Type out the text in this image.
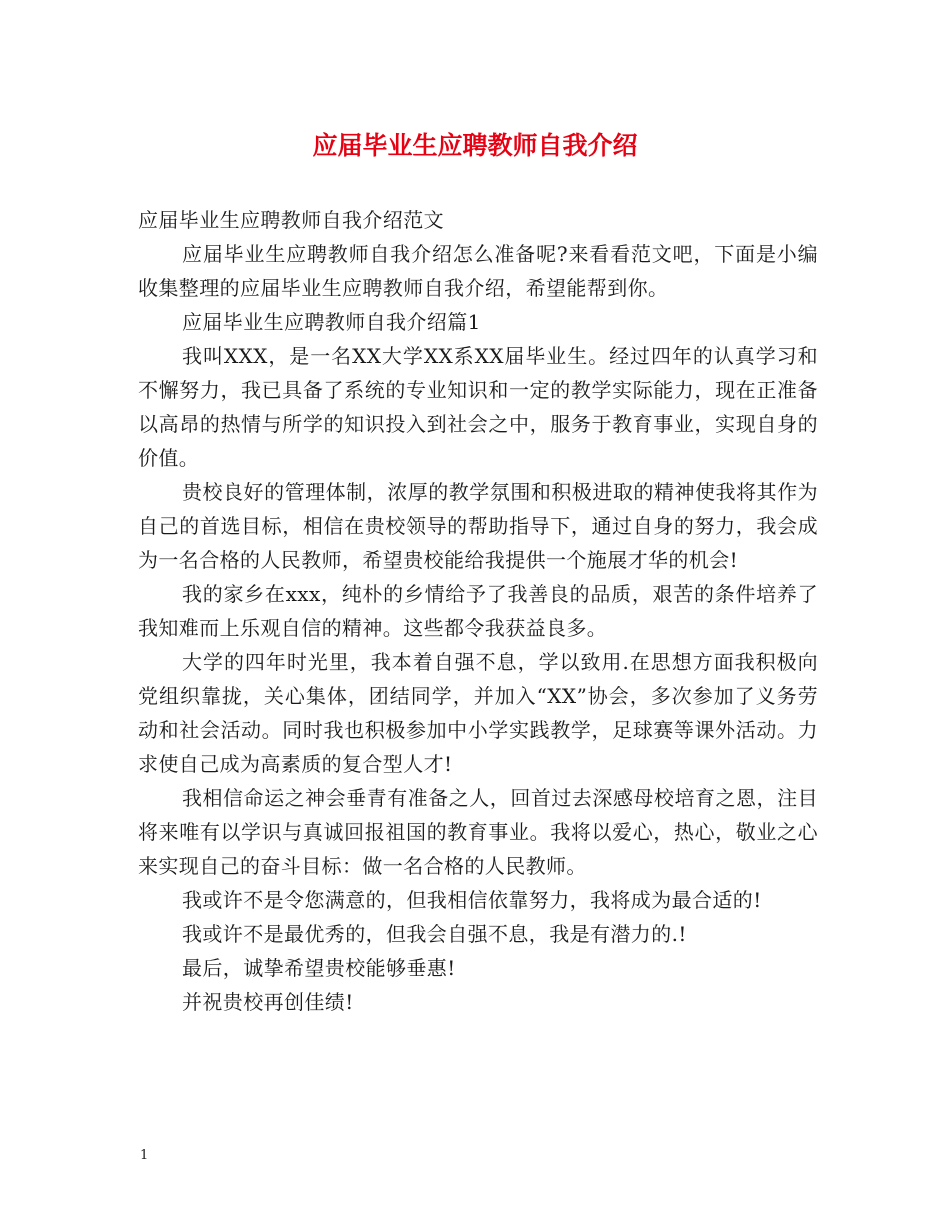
应届毕业生应聘教师自我介绍

应届毕业生应聘教师自我介绍范文

应届毕业生应聘教师自我介绍怎么准备呢?来看看范文吧，下面是小编收集整理的应届毕业生应聘教师自我介绍，希望能帮到你。

应届毕业生应聘教师自我介绍篇1

我叫XXX，是一名XX大学XX系XX届毕业生。经过四年的认真学习和不懈努力，我已具备了系统的专业知识和一定的教学实际能力，现在正准备以高昂的热情与所学的知识投入到社会之中，服务于教育事业，实现自身的价值。

贵校良好的管理体制，浓厚的教学氛围和积极进取的精神使我将其作为自己的首选目标，相信在贵校领导的帮助指导下，通过自身的努力，我会成为一名合格的人民教师，希望贵校能给我提供一个施展才华的机会!

我的家乡在xxx，纯朴的乡情给予了我善良的品质，艰苦的条件培养了我知难而上乐观自信的精神。这些都令我获益良多。

大学的四年时光里，我本着自强不息，学以致用.在思想方面我积极向党组织靠拢，关心集体，团结同学，并加入“XX”协会，多次参加了义务劳动和社会活动。同时我也积极参加中小学实践教学，足球赛等课外活动。力求使自己成为高素质的复合型人才!

我相信命运之神会垂青有准备之人，回首过去深感母校培育之恩，注目将来唯有以学识与真诚回报祖国的教育事业。我将以爱心，热心，敬业之心来实现自己的奋斗目标：做一名合格的人民教师。

我或许不是令您满意的，但我相信依靠努力，我将成为最合适的!

我或许不是最优秀的，但我会自强不息，我是有潜力的.!

最后，诚挚希望贵校能够垂惠!

并祝贵校再创佳绩!

1
